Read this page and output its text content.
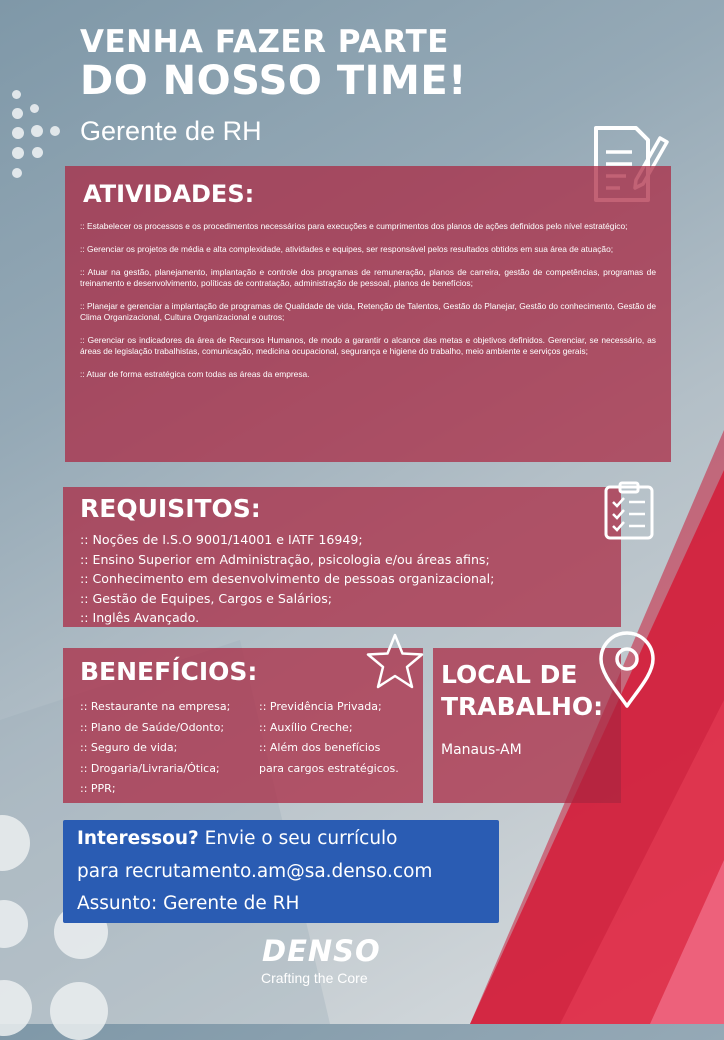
VENHA FAZER PARTE
DO NOSSO TIME!
Gerente de RH
ATIVIDADES:

:: Estabelecer os processos e os procedimentos necessários para execuções e cumprimentos dos planos de ações definidos pelo nível estratégico;

:: Gerenciar os projetos de média e alta complexidade, atividades e equipes, ser responsável pelos resultados obtidos em sua área de atuação;

:: Atuar na gestão, planejamento, implantação e controle dos programas de remuneração, planos de carreira, gestão de competências, programas de treinamento e desenvolvimento, políticas de contratação, administração de pessoal, planos de benefícios;

:: Planejar e gerenciar a implantação de programas de Qualidade de vida, Retenção de Talentos, Gestão do Planejar, Gestão do conhecimento, Gestão de Clima Organizacional, Cultura Organizacional e outros;

:: Gerenciar os indicadores da área de Recursos Humanos, de modo a garantir o alcance das metas e objetivos definidos. Gerenciar, se necessário, as áreas de legislação trabalhistas, comunicação, medicina ocupacional, segurança e higiene do trabalho, meio ambiente e serviços gerais;

:: Atuar de forma estratégica com todas as áreas da empresa.

REQUISITOS:
:: Noções de I.S.O 9001/14001 e IATF 16949;
:: Ensino Superior em Administração, psicologia e/ou áreas afins;
:: Conhecimento em desenvolvimento de pessoas organizacional;
:: Gestão de Equipes, Cargos e Salários;
:: Inglês Avançado.
BENEFÍCIOS:
:: Restaurante na empresa;
:: Plano de Saúde/Odonto;
:: Seguro de vida;
:: Drogaria/Livraria/Ótica;
:: PPR;
:: Previdência Privada;
:: Auxílio Creche;
:: Além dos benefícios
para cargos estratégicos.
LOCAL DE
TRABALHO:
Manaus-AM
Interessou? Envie o seu currículo
para recrutamento.am@sa.denso.com
Assunto: Gerente de RH
DENSO
Crafting the Core
